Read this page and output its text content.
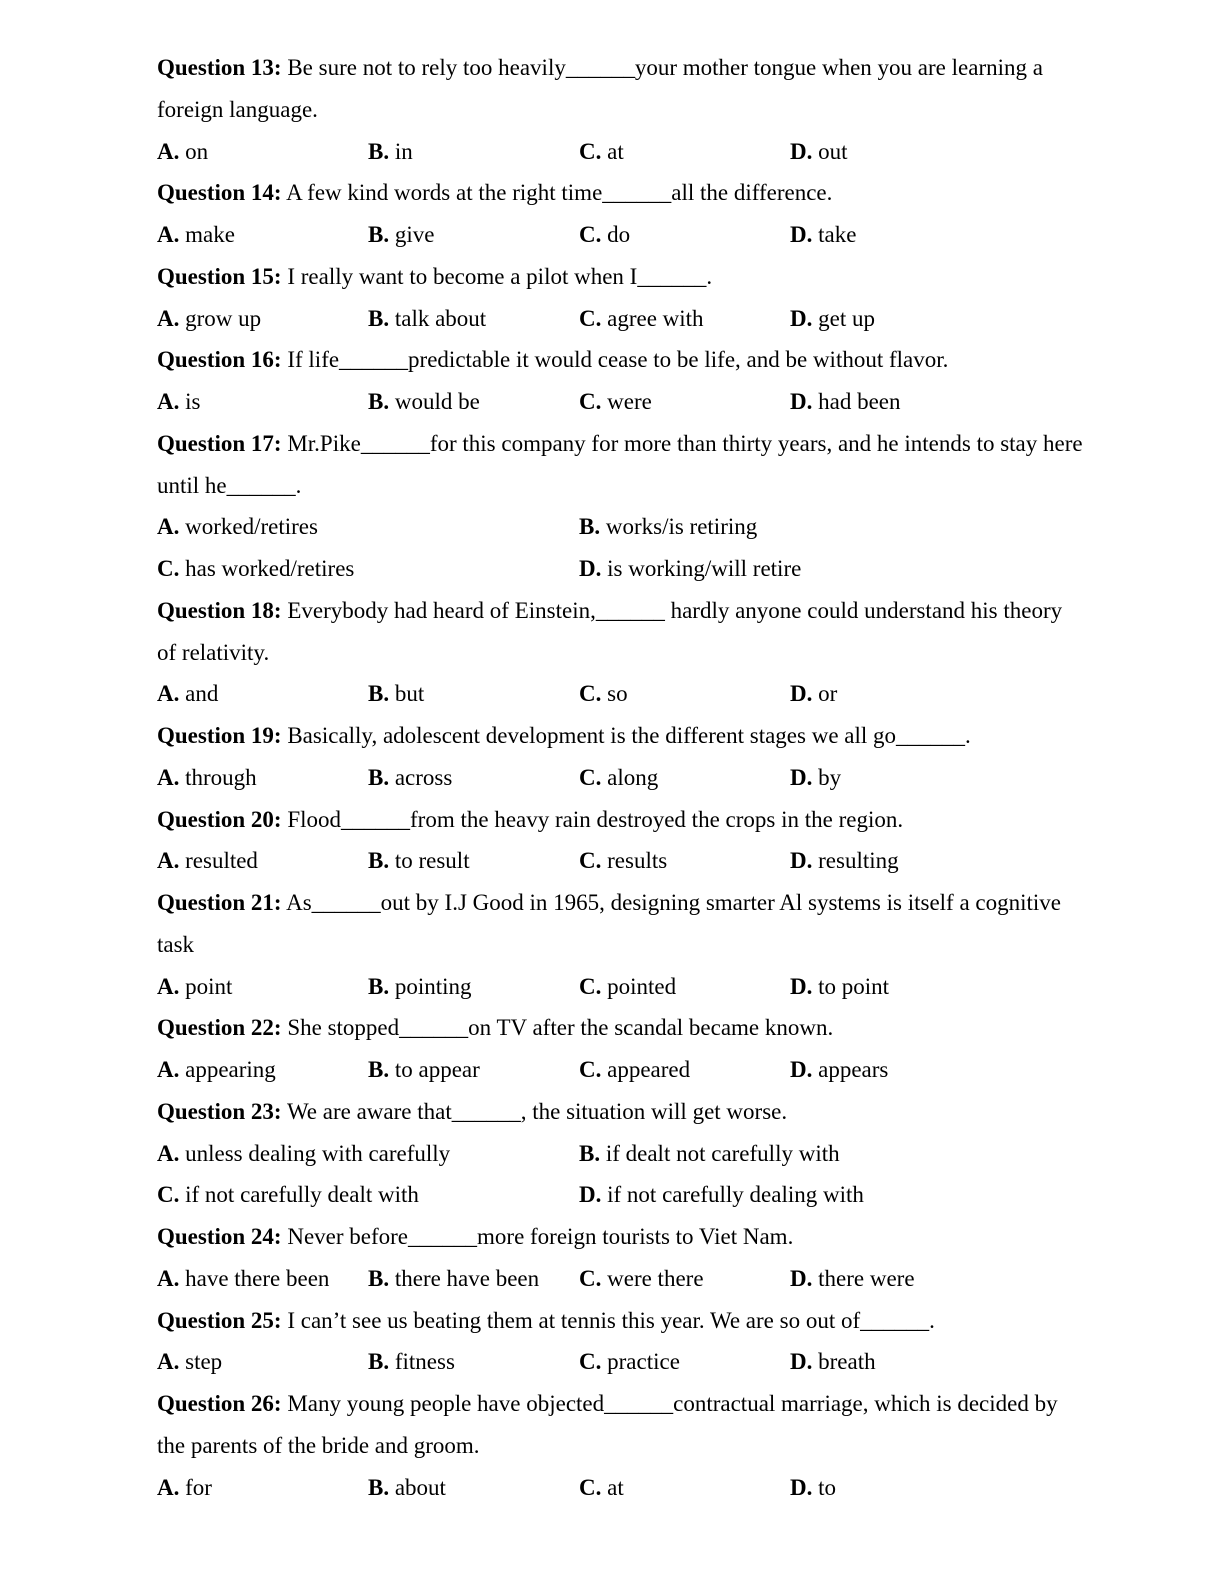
Question 13: Be sure not to rely too heavily______your mother tongue when you are learning a foreign language.
A. on	B. in	C. at	D. out
Question 14: A few kind words at the right time______all the difference.
A. make	B. give	C. do	D. take
Question 15: I really want to become a pilot when I______.
A. grow up	B. talk about	C. agree with	D. get up
Question 16: If life______predictable it would cease to be life, and be without flavor.
A. is	B. would be	C. were	D. had been
Question 17: Mr.Pike______for this company for more than thirty years, and he intends to stay here until he______.
A. worked/retires	B. works/is retiring
C. has worked/retires	D. is working/will retire
Question 18: Everybody had heard of Einstein,______ hardly anyone could understand his theory of relativity.
A. and	B. but	C. so	D. or
Question 19: Basically, adolescent development is the different stages we all go______.
A. through	B. across	C. along	D. by
Question 20: Flood______from the heavy rain destroyed the crops in the region.
A. resulted	B. to result	C. results	D. resulting
Question 21: As______out by I.J Good in 1965, designing smarter Al systems is itself a cognitive task
A. point	B. pointing	C. pointed	D. to point
Question 22: She stopped______on TV after the scandal became known.
A. appearing	B. to appear	C. appeared	D. appears
Question 23: We are aware that______, the situation will get worse.
A. unless dealing with carefully	B. if dealt not carefully with
C. if not carefully dealt with	D. if not carefully dealing with
Question 24: Never before______more foreign tourists to Viet Nam.
A. have there been	B. there have been	C. were there	D. there were
Question 25: I can’t see us beating them at tennis this year. We are so out of______.
A. step	B. fitness	C. practice	D. breath
Question 26: Many young people have objected______contractual marriage, which is decided by the parents of the bride and groom.
A. for	B. about	C. at	D. to
